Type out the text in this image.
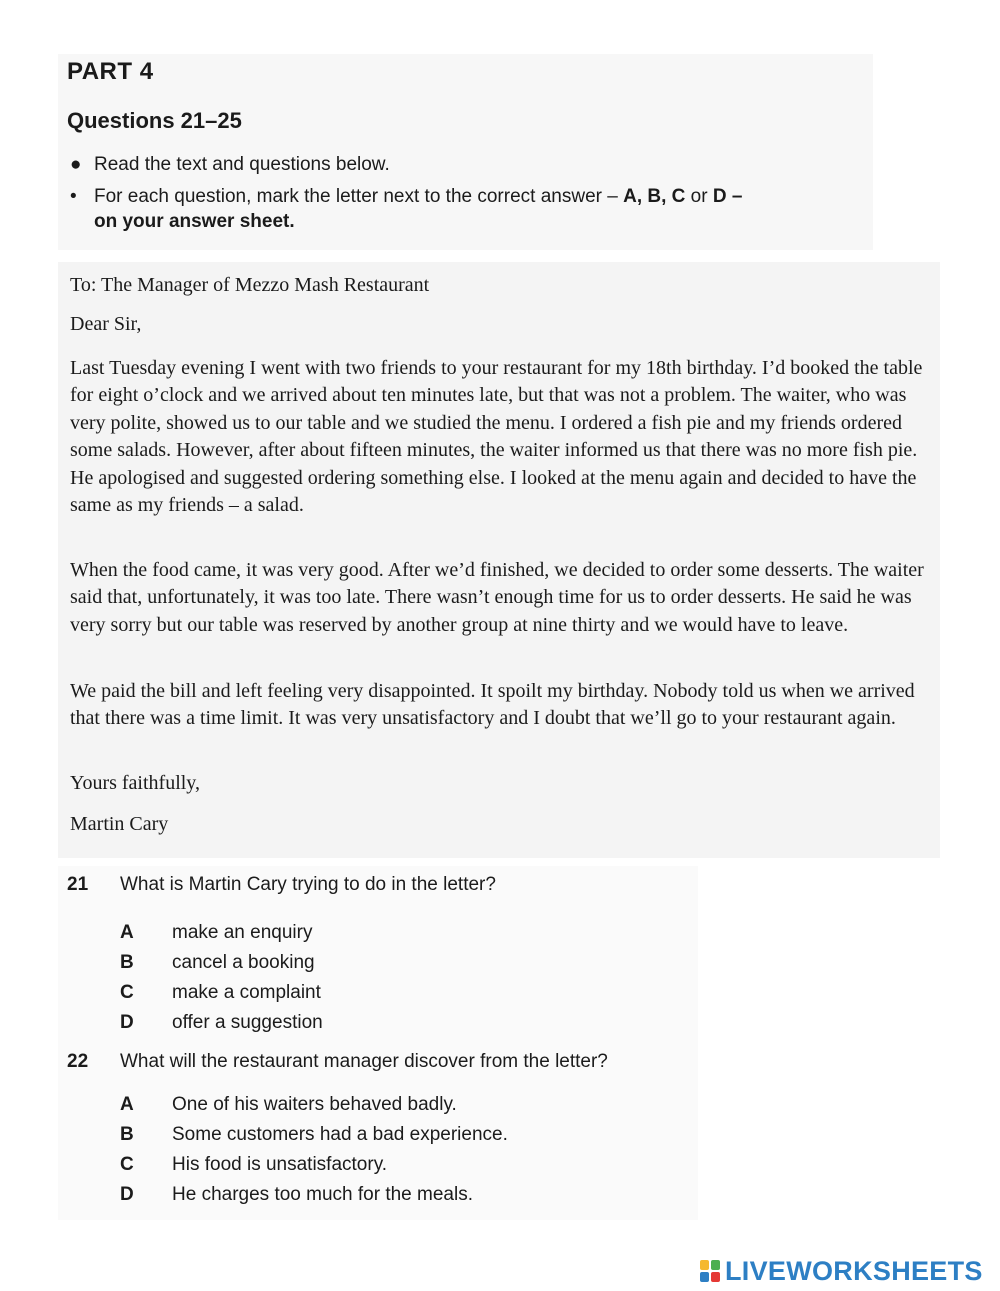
PART 4
Questions 21–25
● Read the text and questions below.
• For each question, mark the letter next to the correct answer – A, B, C or D –
on your answer sheet.
To: The Manager of Mezzo Mash Restaurant
Dear Sir,
Last Tuesday evening I went with two friends to your restaurant for my 18th birthday. I’d booked the table for eight o’clock and we arrived about ten minutes late, but that was not a problem. The waiter, who was very polite, showed us to our table and we studied the menu. I ordered a fish pie and my friends ordered some salads. However, after about fifteen minutes, the waiter informed us that there was no more fish pie. He apologised and suggested ordering something else. I looked at the menu again and decided to have the same as my friends – a salad.
When the food came, it was very good. After we’d finished, we decided to order some desserts. The waiter said that, unfortunately, it was too late. There wasn’t enough time for us to order desserts. He said he was very sorry but our table was reserved by another group at nine thirty and we would have to leave.
We paid the bill and left feeling very disappointed. It spoilt my birthday. Nobody told us when we arrived that there was a time limit. It was very unsatisfactory and I doubt that we’ll go to your restaurant again.
Yours faithfully,
Martin Cary
21 What is Martin Cary trying to do in the letter?
A make an enquiry
B cancel a booking
C make a complaint
D offer a suggestion
22 What will the restaurant manager discover from the letter?
A One of his waiters behaved badly.
B Some customers had a bad experience.
C His food is unsatisfactory.
D He charges too much for the meals.
LIVEWORKSHEETS
